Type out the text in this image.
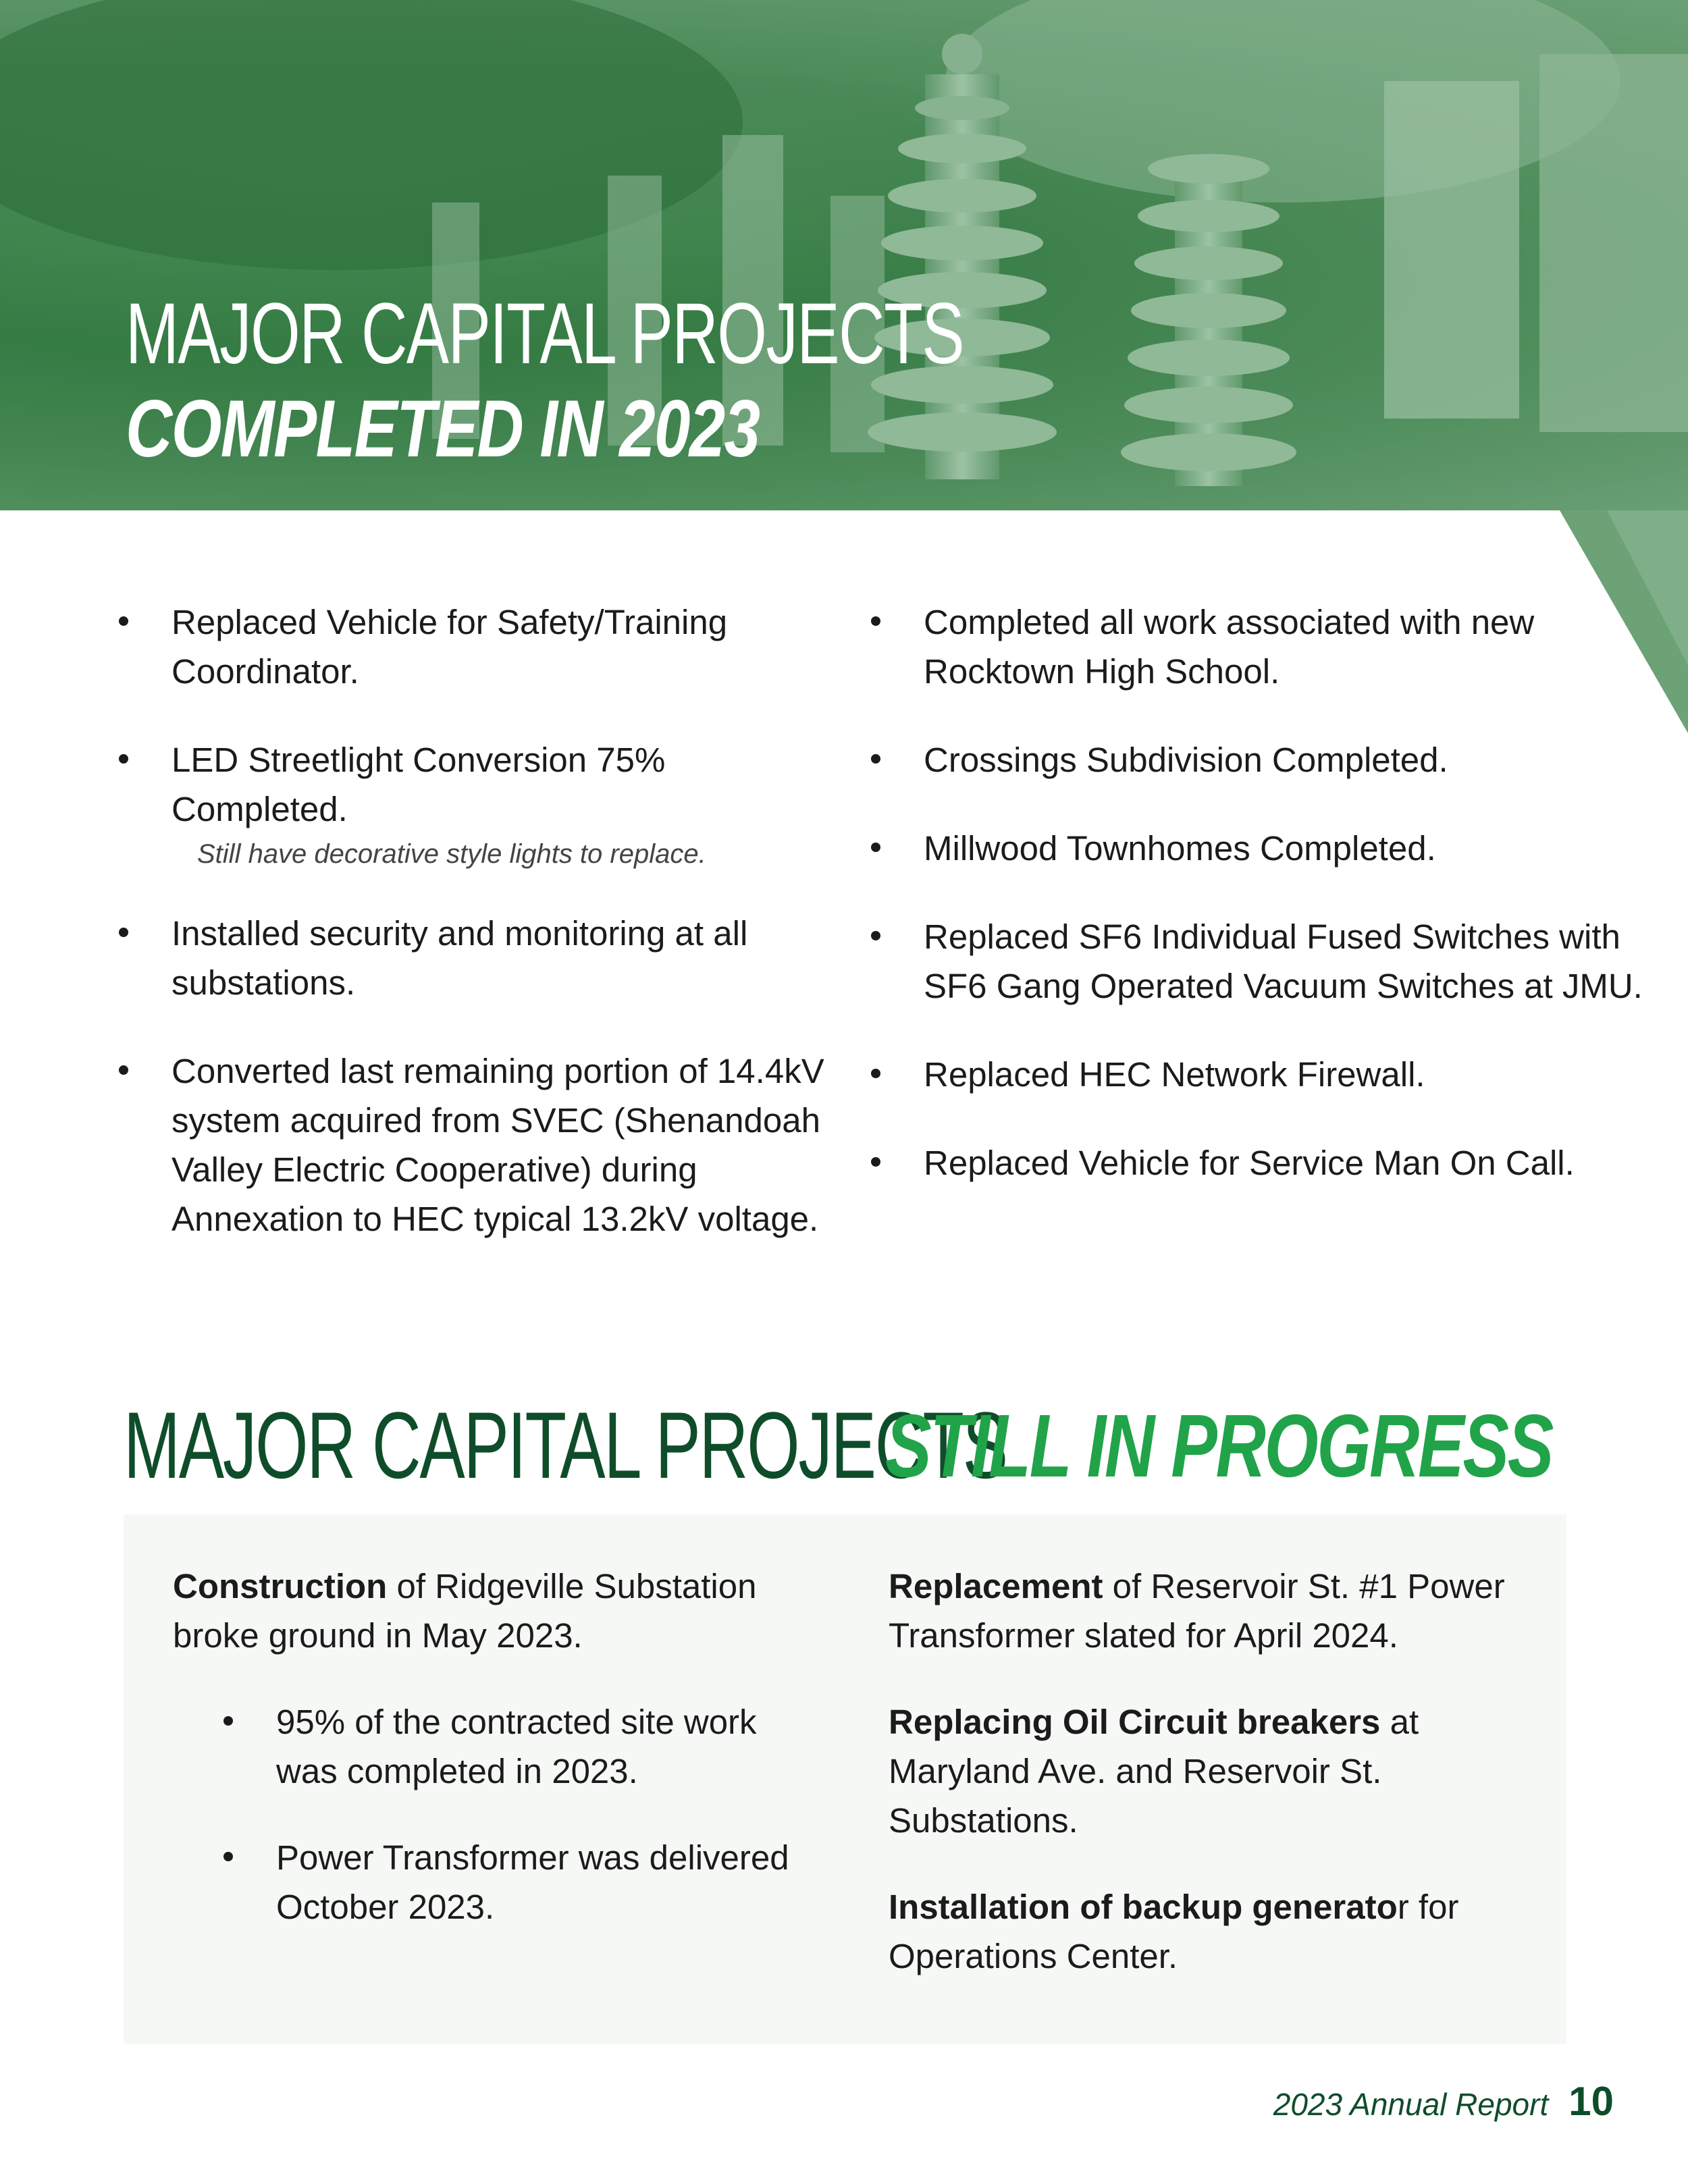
MAJOR CAPITAL PROJECTS
COMPLETED IN 2023
Replaced Vehicle for Safety/Training Coordinator.
LED Streetlight Conversion 75% Completed.
Still have decorative style lights to replace.
Installed security and monitoring at all substations.
Converted last remaining portion of 14.4kV system acquired from SVEC (Shenandoah Valley Electric Cooperative) during Annexation to HEC typical 13.2kV voltage.
Completed all work associated with new Rocktown High School.
Crossings Subdivision Completed.
Millwood Townhomes Completed.
Replaced SF6 Individual Fused Switches with SF6 Gang Operated Vacuum Switches at JMU.
Replaced HEC Network Firewall.
Replaced Vehicle for Service Man On Call.
MAJOR CAPITAL PROJECTS
STILL IN PROGRESS
Construction of Ridgeville Substation broke ground in May 2023.
95% of the contracted site work was completed in 2023.
Power Transformer was delivered October 2023.
Replacement of Reservoir St. #1 Power Transformer slated for April 2024.
Replacing Oil Circuit breakers at Maryland Ave. and Reservoir St. Substations.
Installation of backup generator for Operations Center.
2023 Annual Report 10
